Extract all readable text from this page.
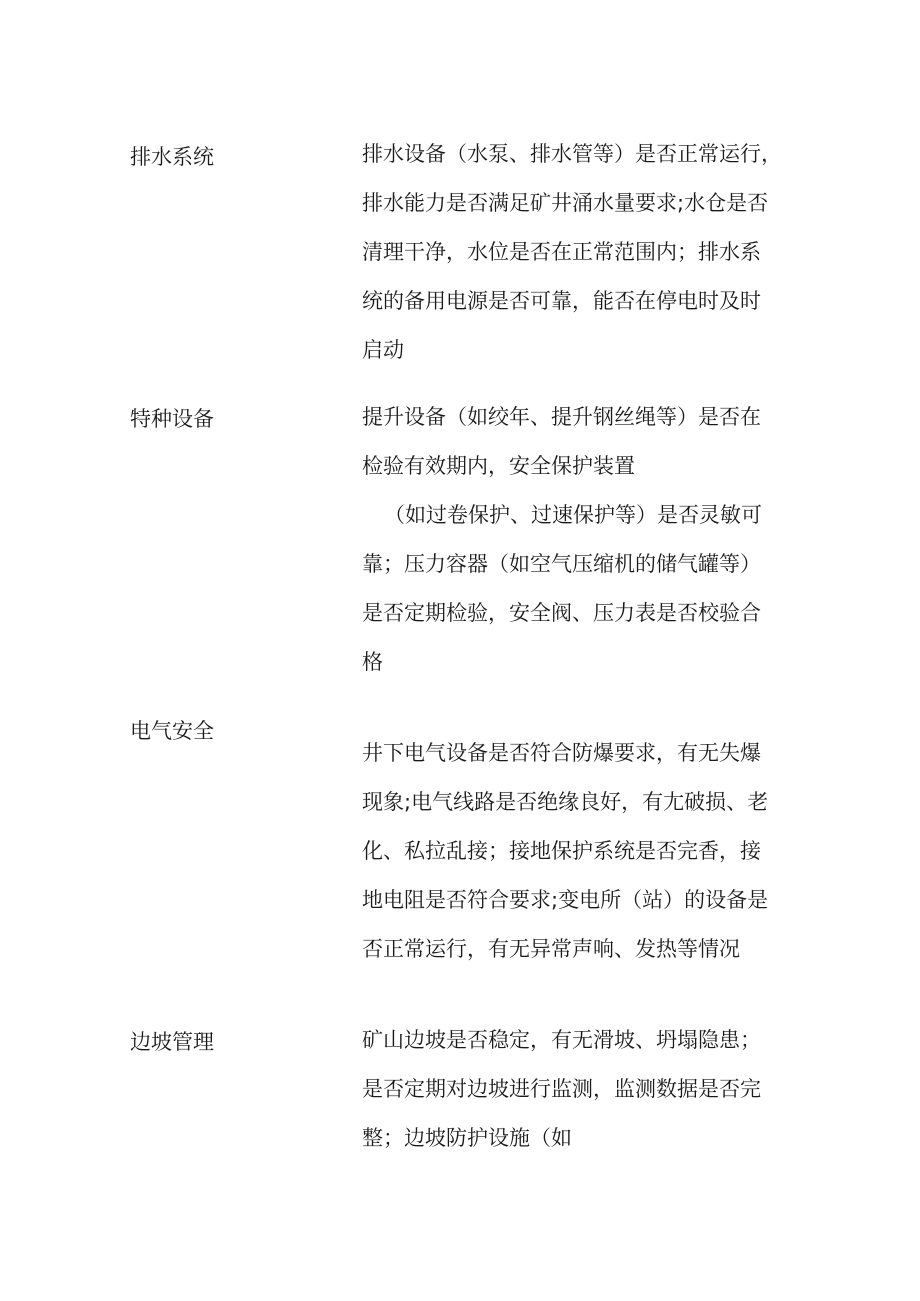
排水系统	排水设备（水泵、排水管等）是否正常运行，
排水能力是否满足矿井涌水量要求;水仓是否
清理干净，水位是否在正常范围内；排水系
统的备用电源是否可靠，能否在停电时及时
启动
特种设备	提升设备（如绞年、提升钢丝绳等）是否在
检验有效期内，安全保护装置
（如过卷保护、过速保护等）是否灵敏可
靠；压力容器（如空气压缩机的储气罐等）
是否定期检验，安全阀、压力表是否校验合
格
电气安全
井下电气设备是否符合防爆要求，有无失爆
现象;电气线路是否绝缘良好，有尢破损、老
化、私拉乱接；接地保护系统是否完香，接
地电阻是否符合要求;变电所（站）的设备是
否正常运行，有无异常声响、发热等情况
边坡管理	矿山边坡是否稳定，有无滑坡、坍塌隐患；
是否定期对边坡进行监测，监测数据是否完
整；边坡防护设施（如
